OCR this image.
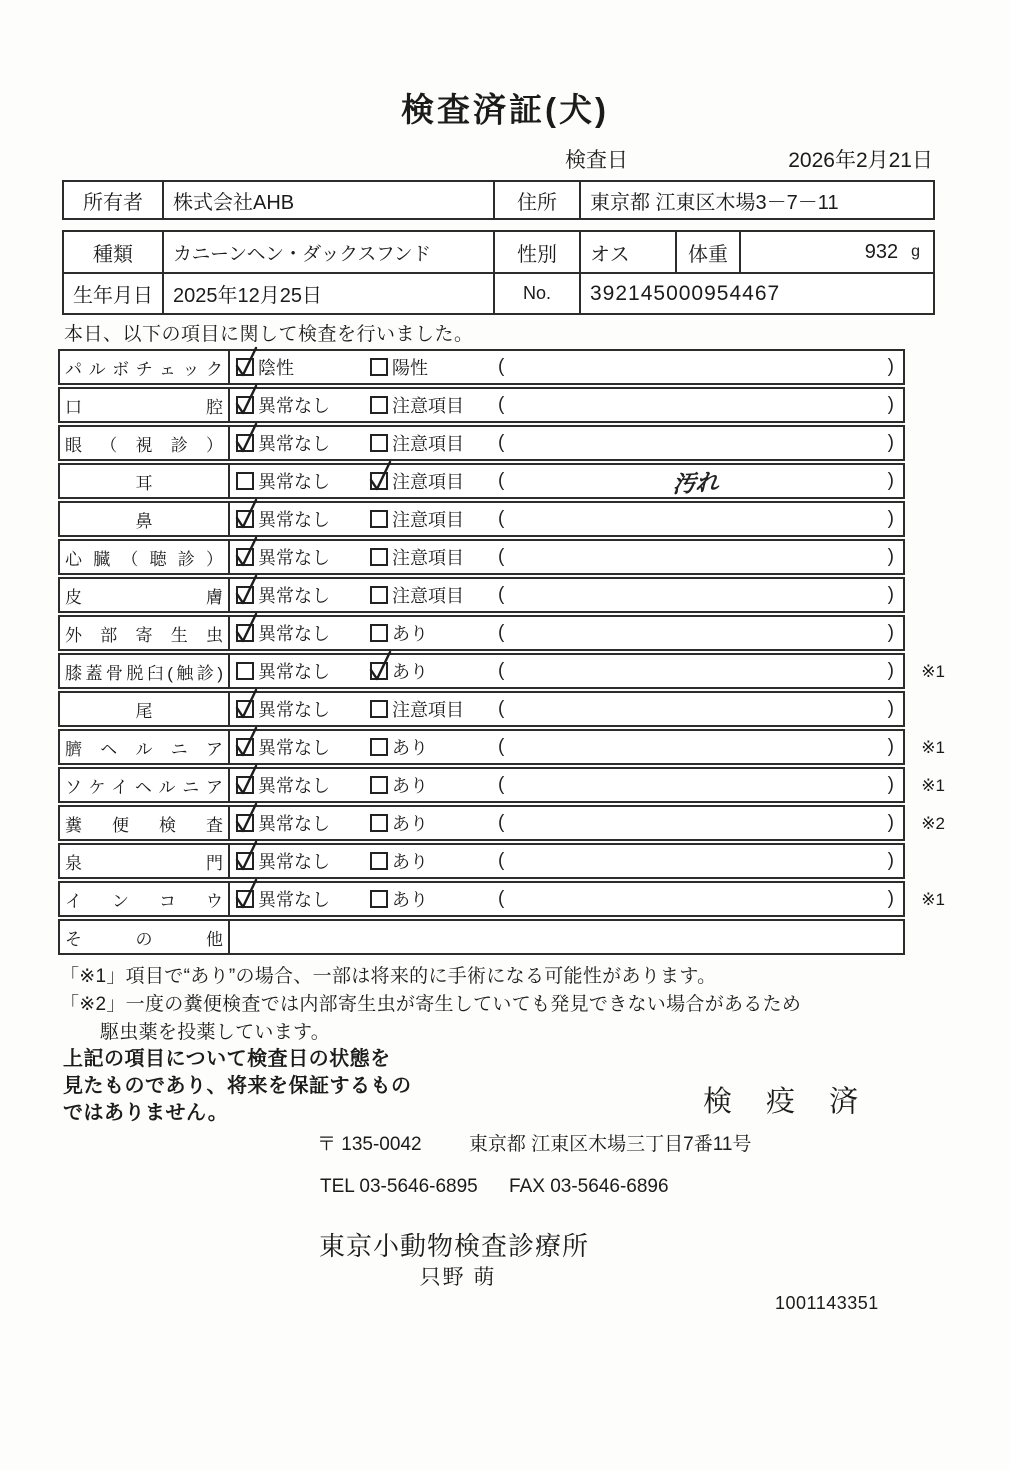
検査済証(犬)
検査日	2026年2月21日
所有者	株式会社AHB	住所	東京都 江東区木場3－7－11
種類	カニーンヘン・ダックスフンド	性別	オス	体重	932 g
生年月日	2025年12月25日	No.	392145000954467
本日、以下の項目に関して検査を行いました。
パルボチェック 陰性	陽性	(	)
口腔 異常なし	注意項目 (	)
眼（視診） 異常なし	注意項目 (	)
耳	異常なし	注意項目 (	汚れ	)
鼻	異常なし	注意項目 (	)
心臓（聴診） 異常なし	注意項目 (	)
皮膚 異常なし	注意項目 (	)
外部寄生虫 異常なし	あり	(	)
膝蓋骨脱臼(触診) 異常なし	あり	(	) ※1
尾	異常なし	注意項目 (	)
臍ヘルニア 異常なし	あり	(	) ※1
ソケイヘルニア 異常なし	あり	(	) ※1
糞便検査 異常なし	あり	(	) ※2
泉門 異常なし	あり	(	)
インコウ 異常なし	あり	(	) ※1
その他
「※1」項目で“あり”の場合、一部は将来的に手術になる可能性があります。
「※2」一度の糞便検査では内部寄生虫が寄生していても発見できない場合があるため
駆虫薬を投薬しています。
上記の項目について検査日の状態を
見たものであり、将来を保証するもの
ではありません。	検 疫 済
〒 135-0042 東京都 江東区木場三丁目7番11号
TEL 03-5646-6895 FAX 03-5646-6896
東京小動物検査診療所
只野 萌
1001143351
